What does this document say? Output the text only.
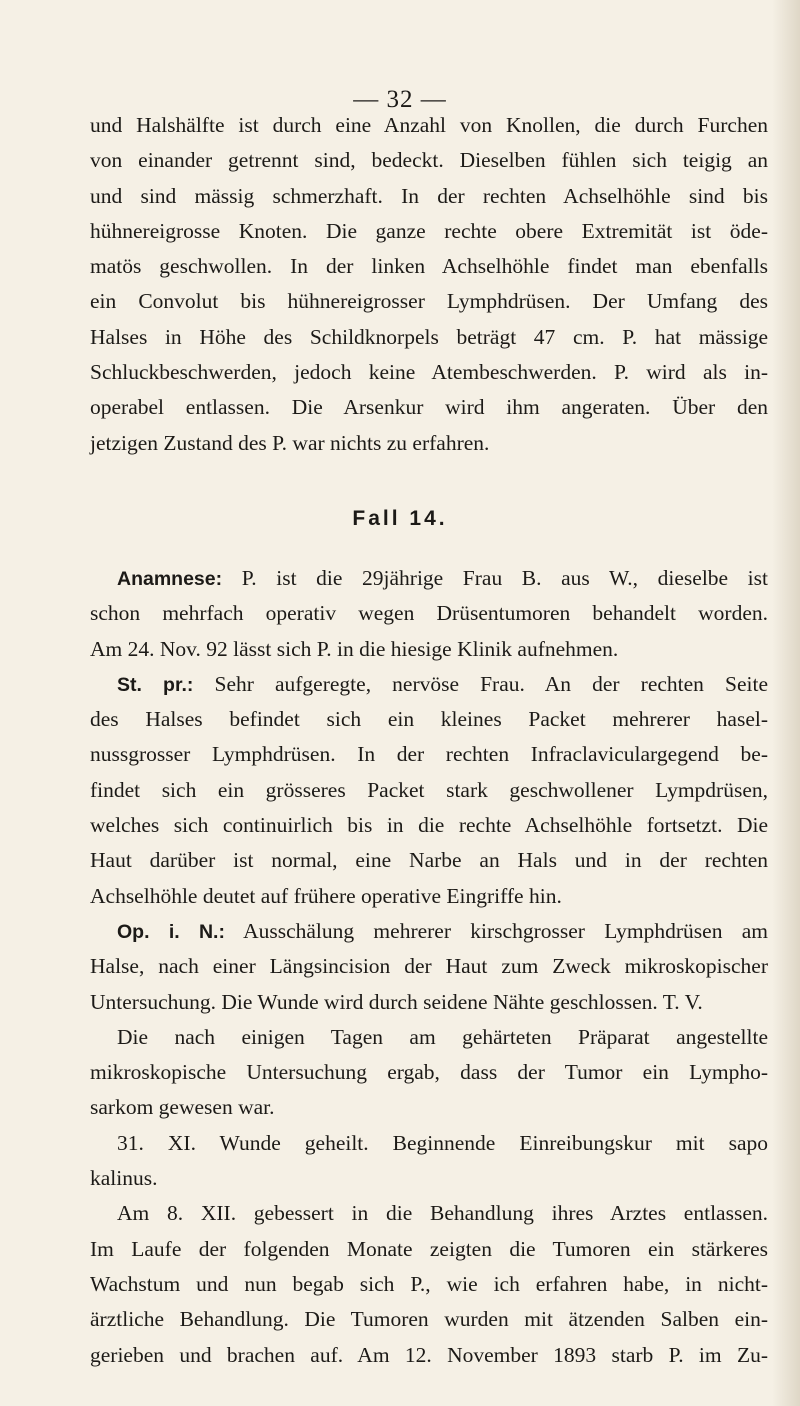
— 32 —
und Halshälfte ist durch eine Anzahl von Knollen, die durch Furchen
von einander getrennt sind, bedeckt. Dieselben fühlen sich teigig an
und sind mässig schmerzhaft. In der rechten Achselhöhle sind bis
hühnereigrosse Knoten. Die ganze rechte obere Extremität ist öde-
matös geschwollen. In der linken Achselhöhle findet man ebenfalls
ein Convolut bis hühnereigrosser Lymphdrüsen. Der Umfang des
Halses in Höhe des Schildknorpels beträgt 47 cm. P. hat mässige
Schluckbeschwerden, jedoch keine Atembeschwerden. P. wird als in-
operabel entlassen. Die Arsenkur wird ihm angeraten. Über den
jetzigen Zustand des P. war nichts zu erfahren.
Fall 14.
Anamnese: P. ist die 29jährige Frau B. aus W., dieselbe ist
schon mehrfach operativ wegen Drüsentumoren behandelt worden.
Am 24. Nov. 92 lässt sich P. in die hiesige Klinik aufnehmen.
St. pr.: Sehr aufgeregte, nervöse Frau. An der rechten Seite
des Halses befindet sich ein kleines Packet mehrerer hasel-
nussgrosser Lymphdrüsen. In der rechten Infraclaviculargegend be-
findet sich ein grösseres Packet stark geschwollener Lympdrüsen,
welches sich continuirlich bis in die rechte Achselhöhle fortsetzt. Die
Haut darüber ist normal, eine Narbe an Hals und in der rechten
Achselhöhle deutet auf frühere operative Eingriffe hin.
Op. i. N.: Ausschälung mehrerer kirschgrosser Lymphdrüsen am
Halse, nach einer Längsincision der Haut zum Zweck mikroskopischer
Untersuchung. Die Wunde wird durch seidene Nähte geschlossen. T. V.
Die nach einigen Tagen am gehärteten Präparat angestellte
mikroskopische Untersuchung ergab, dass der Tumor ein Lympho-
sarkom gewesen war.
31. XI. Wunde geheilt. Beginnende Einreibungskur mit sapo
kalinus.
Am 8. XII. gebessert in die Behandlung ihres Arztes entlassen.
Im Laufe der folgenden Monate zeigten die Tumoren ein stärkeres
Wachstum und nun begab sich P., wie ich erfahren habe, in nicht-
ärztliche Behandlung. Die Tumoren wurden mit ätzenden Salben ein-
gerieben und brachen auf. Am 12. November 1893 starb P. im Zu-
